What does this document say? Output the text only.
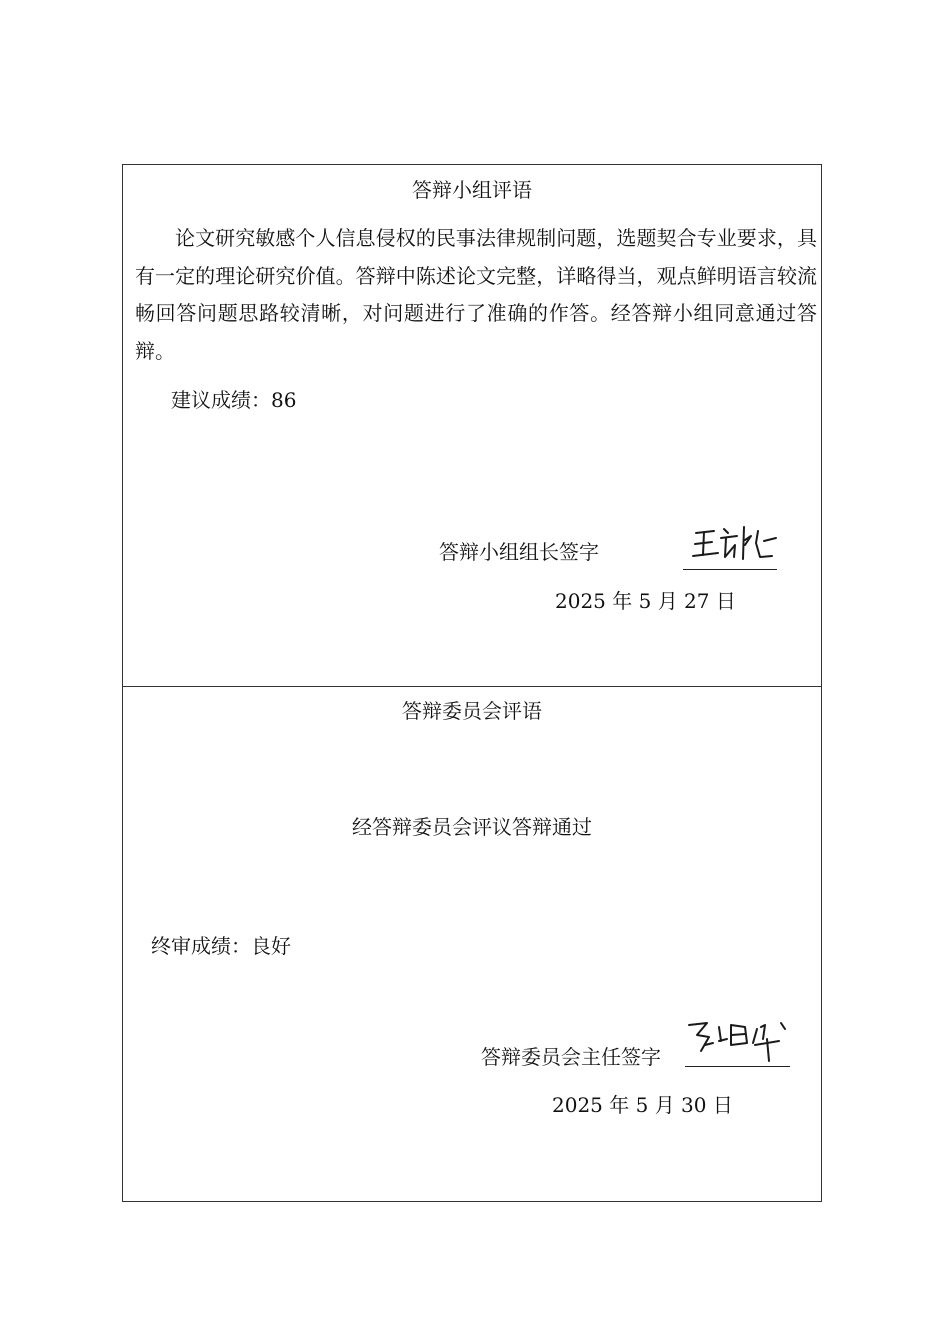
答辩小组评语

论文研究敏感个人信息侵权的民事法律规制问题，选题契合专业要求，具有一定的理论研究价值。答辩中陈述论文完整，详略得当，观点鲜明语言较流畅回答问题思路较清晰，对问题进行了准确的作答。经答辩小组同意通过答辩。

建议成绩：86
答辩小组组长签字
2025 年 5 月 27 日
答辩委员会评语
经答辩委员会评议答辩通过
终审成绩：良好
答辩委员会主任签字
2025 年 5 月 30 日
